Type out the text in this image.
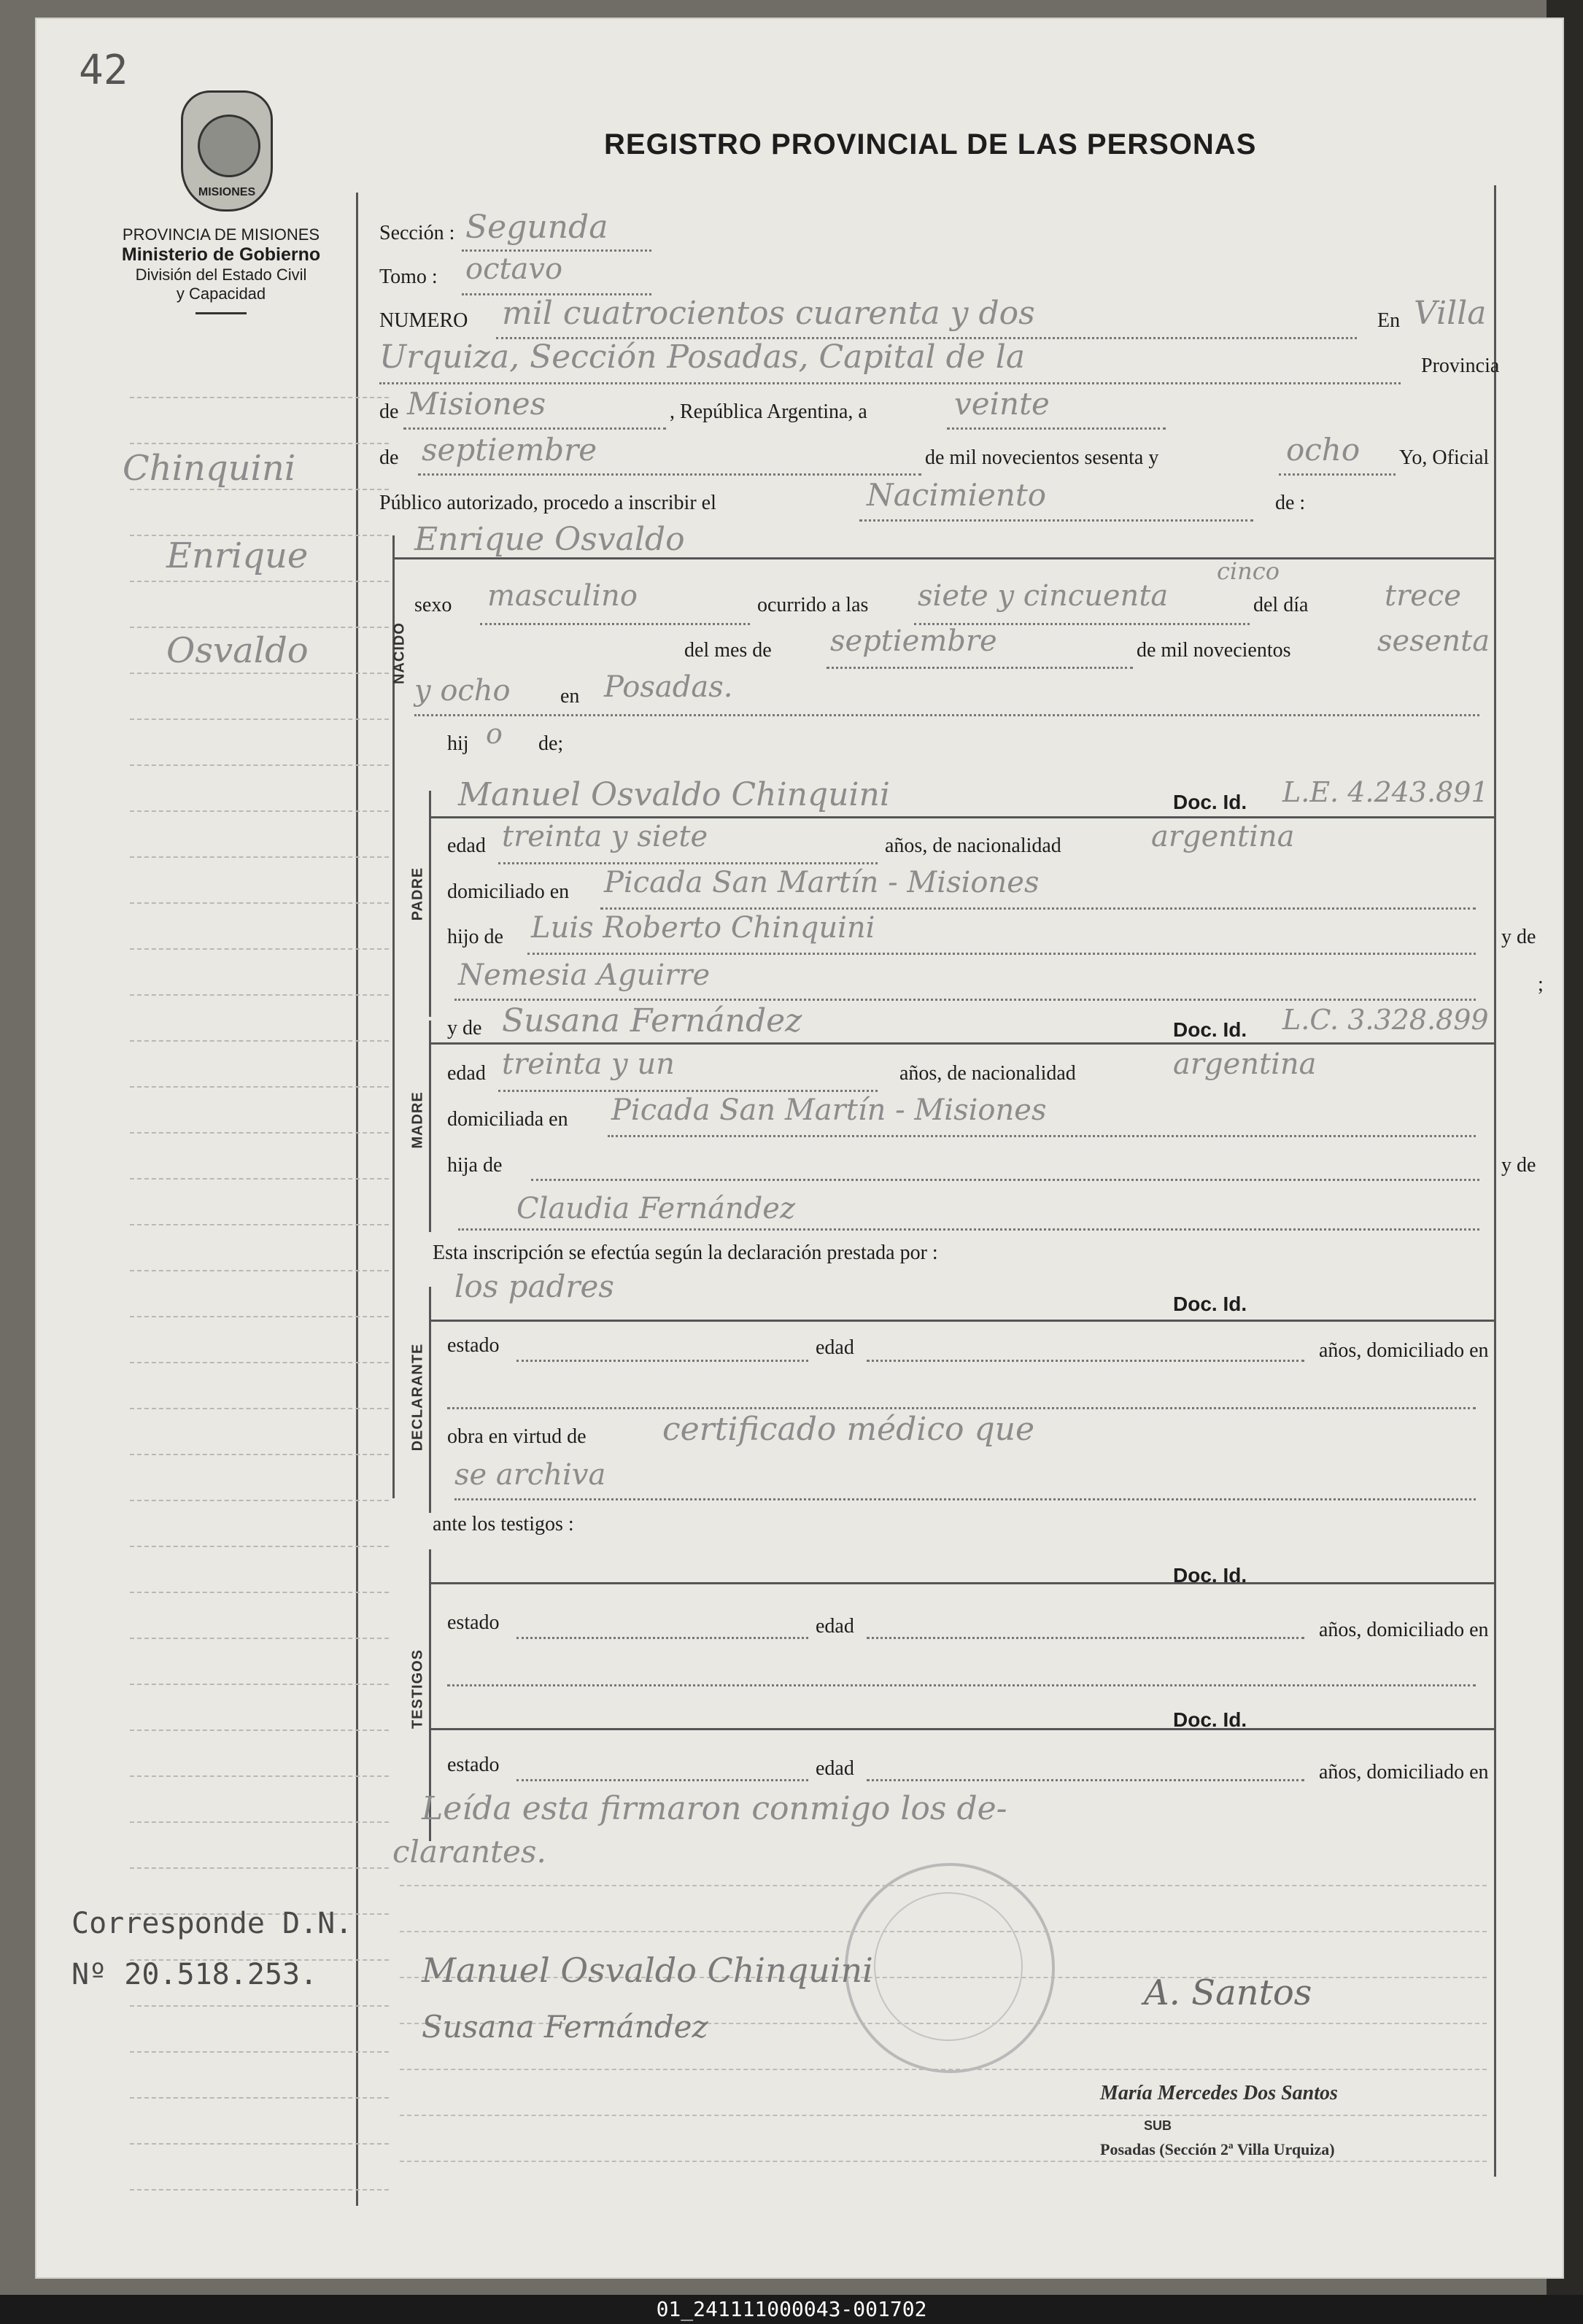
42
MISIONES
REGISTRO PROVINCIAL DE LAS PERSONAS
PROVINCIA DE MISIONES
Ministerio de Gobierno
División del Estado Civil
y Capacidad
Chinquini
Enrique
Osvaldo
Corresponde D.N.
Nº 20.518.253.
Sección : Segunda
Tomo : octavo
NUMERO mil cuatrocientos cuarenta y dos	En Villa
Urquiza, Sección Posadas, Capital de la	Provincia
de Misiones	, República Argentina, a	veinte
de septiembre	de mil novecientos sesenta y	ocho Yo, Oficial
Público autorizado, procedo a inscribir el	Nacimiento	de :
Enrique Osvaldo
NACIDO
sexo masculino	ocurrido a las siete y cincuenta
cinco
del día	trece
del mes de septiembre	de mil novecientos	sesenta
y ocho en Posadas.
hij o de;
PADRE
Manuel Osvaldo Chinquini	Doc. Id. L.E. 4.243.891
edad treinta y siete	años, de nacionalidad	argentina
domiciliado en Picada San Martín - Misiones
hijo de Luis Roberto Chinquini	y de
Nemesia Aguirre	;
MADRE
y de Susana Fernández	Doc. Id. L.C. 3.328.899
edad treinta y un	años, de nacionalidad	argentina
domiciliada en Picada San Martín - Misiones
hija de	y de
Claudia Fernández
Esta inscripción se efectúa según la declaración prestada por :
DECLARANTE
los padres	Doc. Id.
estado	edad	años, domiciliado en
obra en virtud de certificado médico que
se archiva
ante los testigos :
TESTIGOS
Doc. Id.
estado	edad	años, domiciliado en
Doc. Id.
estado	edad	años, domiciliado en
Leída esta firmaron conmigo los de-
clarantes.
Manuel Osvaldo Chinquini
Susana Fernández
A. Santos
María Mercedes Dos Santos
SUB
Posadas (Sección 2ª Villa Urquiza)
01_241111000043-001702
